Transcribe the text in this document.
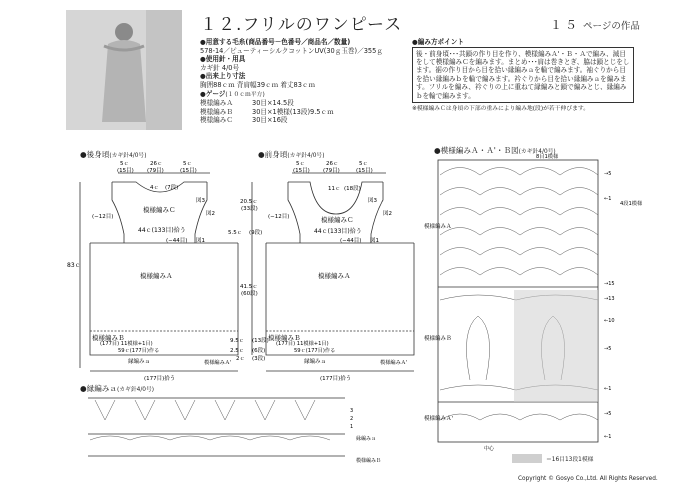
１２.フリルのワンピース	１５ ページの作品
●用意する毛糸(商品番号－色番号／商品名／数量)
578-14／ピューティーシルクコットンUV(30ｇ玉巻)／355ｇ
●使用針・用具
カギ針 4/0号
●出来上り寸法
胸囲88ｃｍ 背肩幅39ｃｍ 着丈83ｃｍ
●ゲージ(１０ｃｍ平方)
模様編みＡ	30目×14.5段
模様編みＢ	30目×1模様(13段)9.5ｃｍ
模様編みＣ	30目×16段
●編み方ポイント
後・前身頃･･･共鎖の作り目を作り、模様編みＡ'・Ｂ・Ａで編み、減目をして模様編みＣを編みます。まとめ･･･肩は巻きとぎ、脇は鎖とじをします。裾の作り目から目を拾い縁編みａを輪で編みます。袖ぐりから目を拾い縁編みｂを輪で編みます。衿ぐりから目を拾い縁編みａを編みます。フリルを編み、衿ぐりの上に重ねて縁編みと鎖で編みとじ、縁編みｂを輪で編みます。
※模様編みＣは身頃の下部の重みにより編み地(段)が若干伸びます。
●後身頃(カギ針4/0号)	●前身頃(カギ針4/0号)
●模様編みＡ・Ａ'・Ｂ図(カギ針4/0号)
●縁編みａ(カギ針4/0号)
5ｃ	26ｃ	5ｃ
(15目) (79目)	(15目)
4ｃ (7段)
模様編みＣ
図3
図2
図1
(−12目)
(−44目)
44ｃ(133目)拾う
模様編みＡ
模様編みＢ
(177目) 11模様+1目)
59ｃ(177目)作る
縁編みａ
(177目)拾う
模様編みＡ'
5ｃ	26ｃ	5ｃ
(15目) (79目)	(15目)
11ｃ (18段)
模様編みＣ
図3
図2
図1
(−12目)
(−44目)
44ｃ(133目)拾う
模様編みＡ
模様編みＢ
(177目) 11模様+1目)
59ｃ(177目)作る
縁編みａ
(177目)拾う
模様編みＡ'
20.5ｃ
(33段)
5.5ｃ (9段)
41.5ｃ
(60段)
9.5ｃ (13段)
2.5ｃ (6段)
2ｃ (3段)
83ｃ
3
2
1
縁編みａ
模様編みＢ
8目1模様
4段1模様
模様編みＡ
模様編みＢ
模様編みＡ'
→5
←1
→15
→13
←10
→5
←1
→5
←1
中心
＝16目13段1模様
Copyright © Gosyo Co.,Ltd. All Rights Reserved.
